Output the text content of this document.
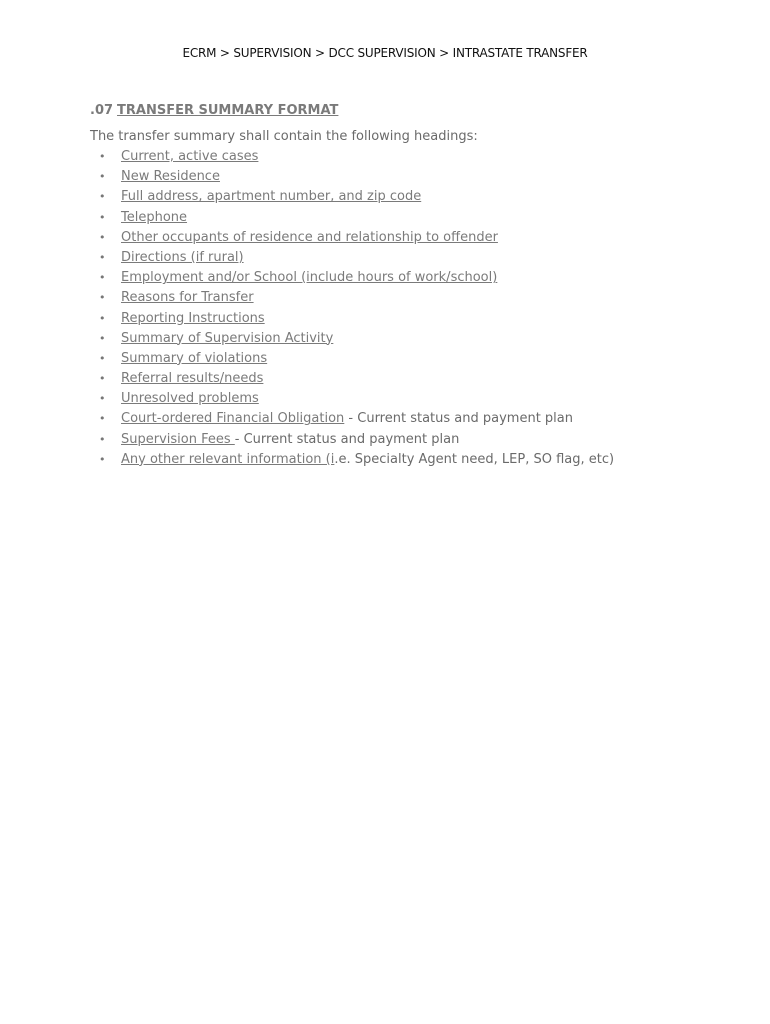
ECRM > SUPERVISION > DCC SUPERVISION > INTRASTATE TRANSFER
.07 TRANSFER SUMMARY FORMAT
The transfer summary shall contain the following headings:
• Current, active cases
• New Residence
• Full address, apartment number, and zip code
• Telephone
• Other occupants of residence and relationship to offender
• Directions (if rural)
• Employment and/or School (include hours of work/school)
• Reasons for Transfer
• Reporting Instructions
• Summary of Supervision Activity
• Summary of violations
• Referral results/needs
• Unresolved problems
• Court-ordered Financial Obligation - Current status and payment plan
• Supervision Fees - Current status and payment plan
• Any other relevant information (i.e. Specialty Agent need, LEP, SO flag, etc)
